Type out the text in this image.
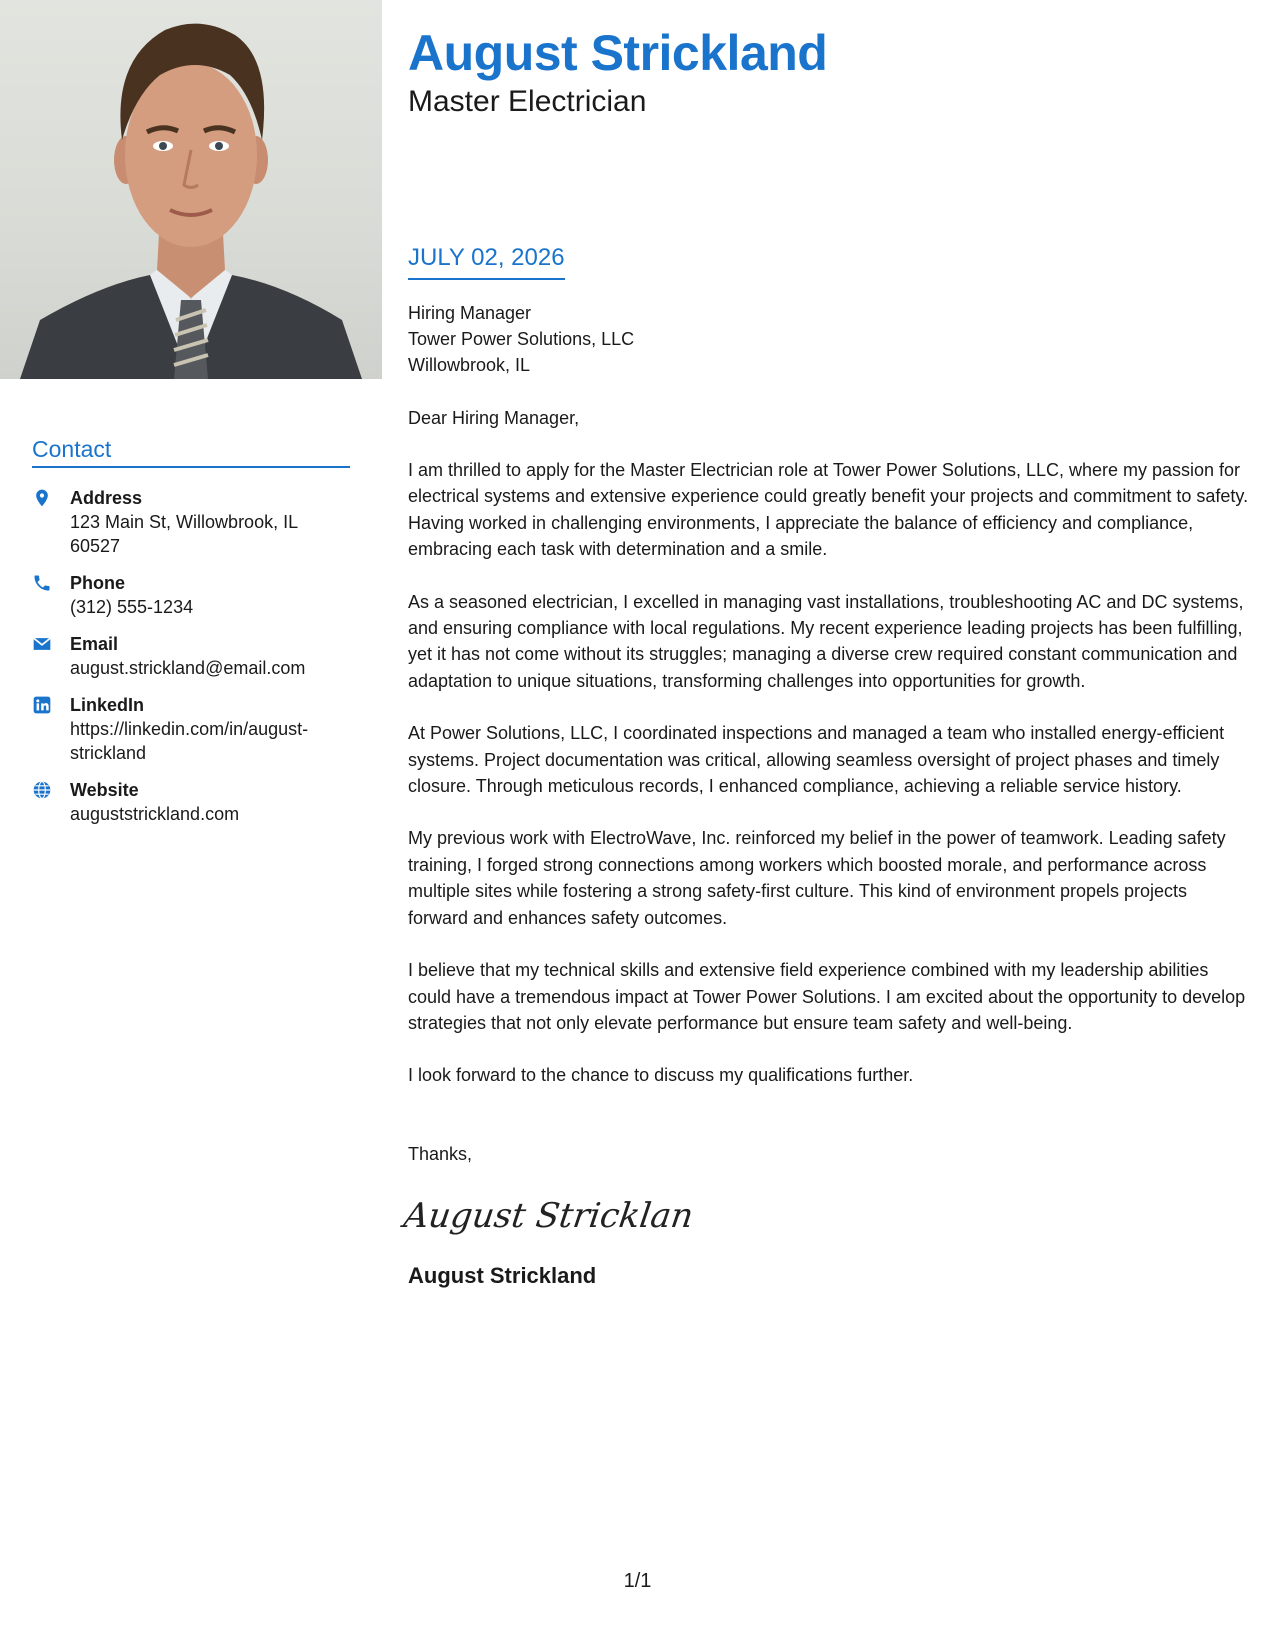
Contact
Address
123 Main St, Willowbrook, IL 60527
Phone
(312) 555-1234
Email
august.strickland@email.com
LinkedIn
https://linkedin.com/in/august-strickland
Website
auguststrickland.com
August Strickland
Master Electrician
JULY 02, 2026
Hiring Manager
Tower Power Solutions, LLC
Willowbrook, IL
Dear Hiring Manager,
I am thrilled to apply for the Master Electrician role at Tower Power Solutions, LLC, where my passion for electrical systems and extensive experience could greatly benefit your projects and commitment to safety. Having worked in challenging environments, I appreciate the balance of efficiency and compliance, embracing each task with determination and a smile.
As a seasoned electrician, I excelled in managing vast installations, troubleshooting AC and DC systems, and ensuring compliance with local regulations. My recent experience leading projects has been fulfilling, yet it has not come without its struggles; managing a diverse crew required constant communication and adaptation to unique situations, transforming challenges into opportunities for growth.
At Power Solutions, LLC, I coordinated inspections and managed a team who installed energy-efficient systems. Project documentation was critical, allowing seamless oversight of project phases and timely closure. Through meticulous records, I enhanced compliance, achieving a reliable service history.
My previous work with ElectroWave, Inc. reinforced my belief in the power of teamwork. Leading safety training, I forged strong connections among workers which boosted morale, and performance across multiple sites while fostering a strong safety-first culture. This kind of environment propels projects forward and enhances safety outcomes.
I believe that my technical skills and extensive field experience combined with my leadership abilities could have a tremendous impact at Tower Power Solutions. I am excited about the opportunity to develop strategies that not only elevate performance but ensure team safety and well-being.
I look forward to the chance to discuss my qualifications further.
Thanks,
August Stricklan
August Strickland
1/1
